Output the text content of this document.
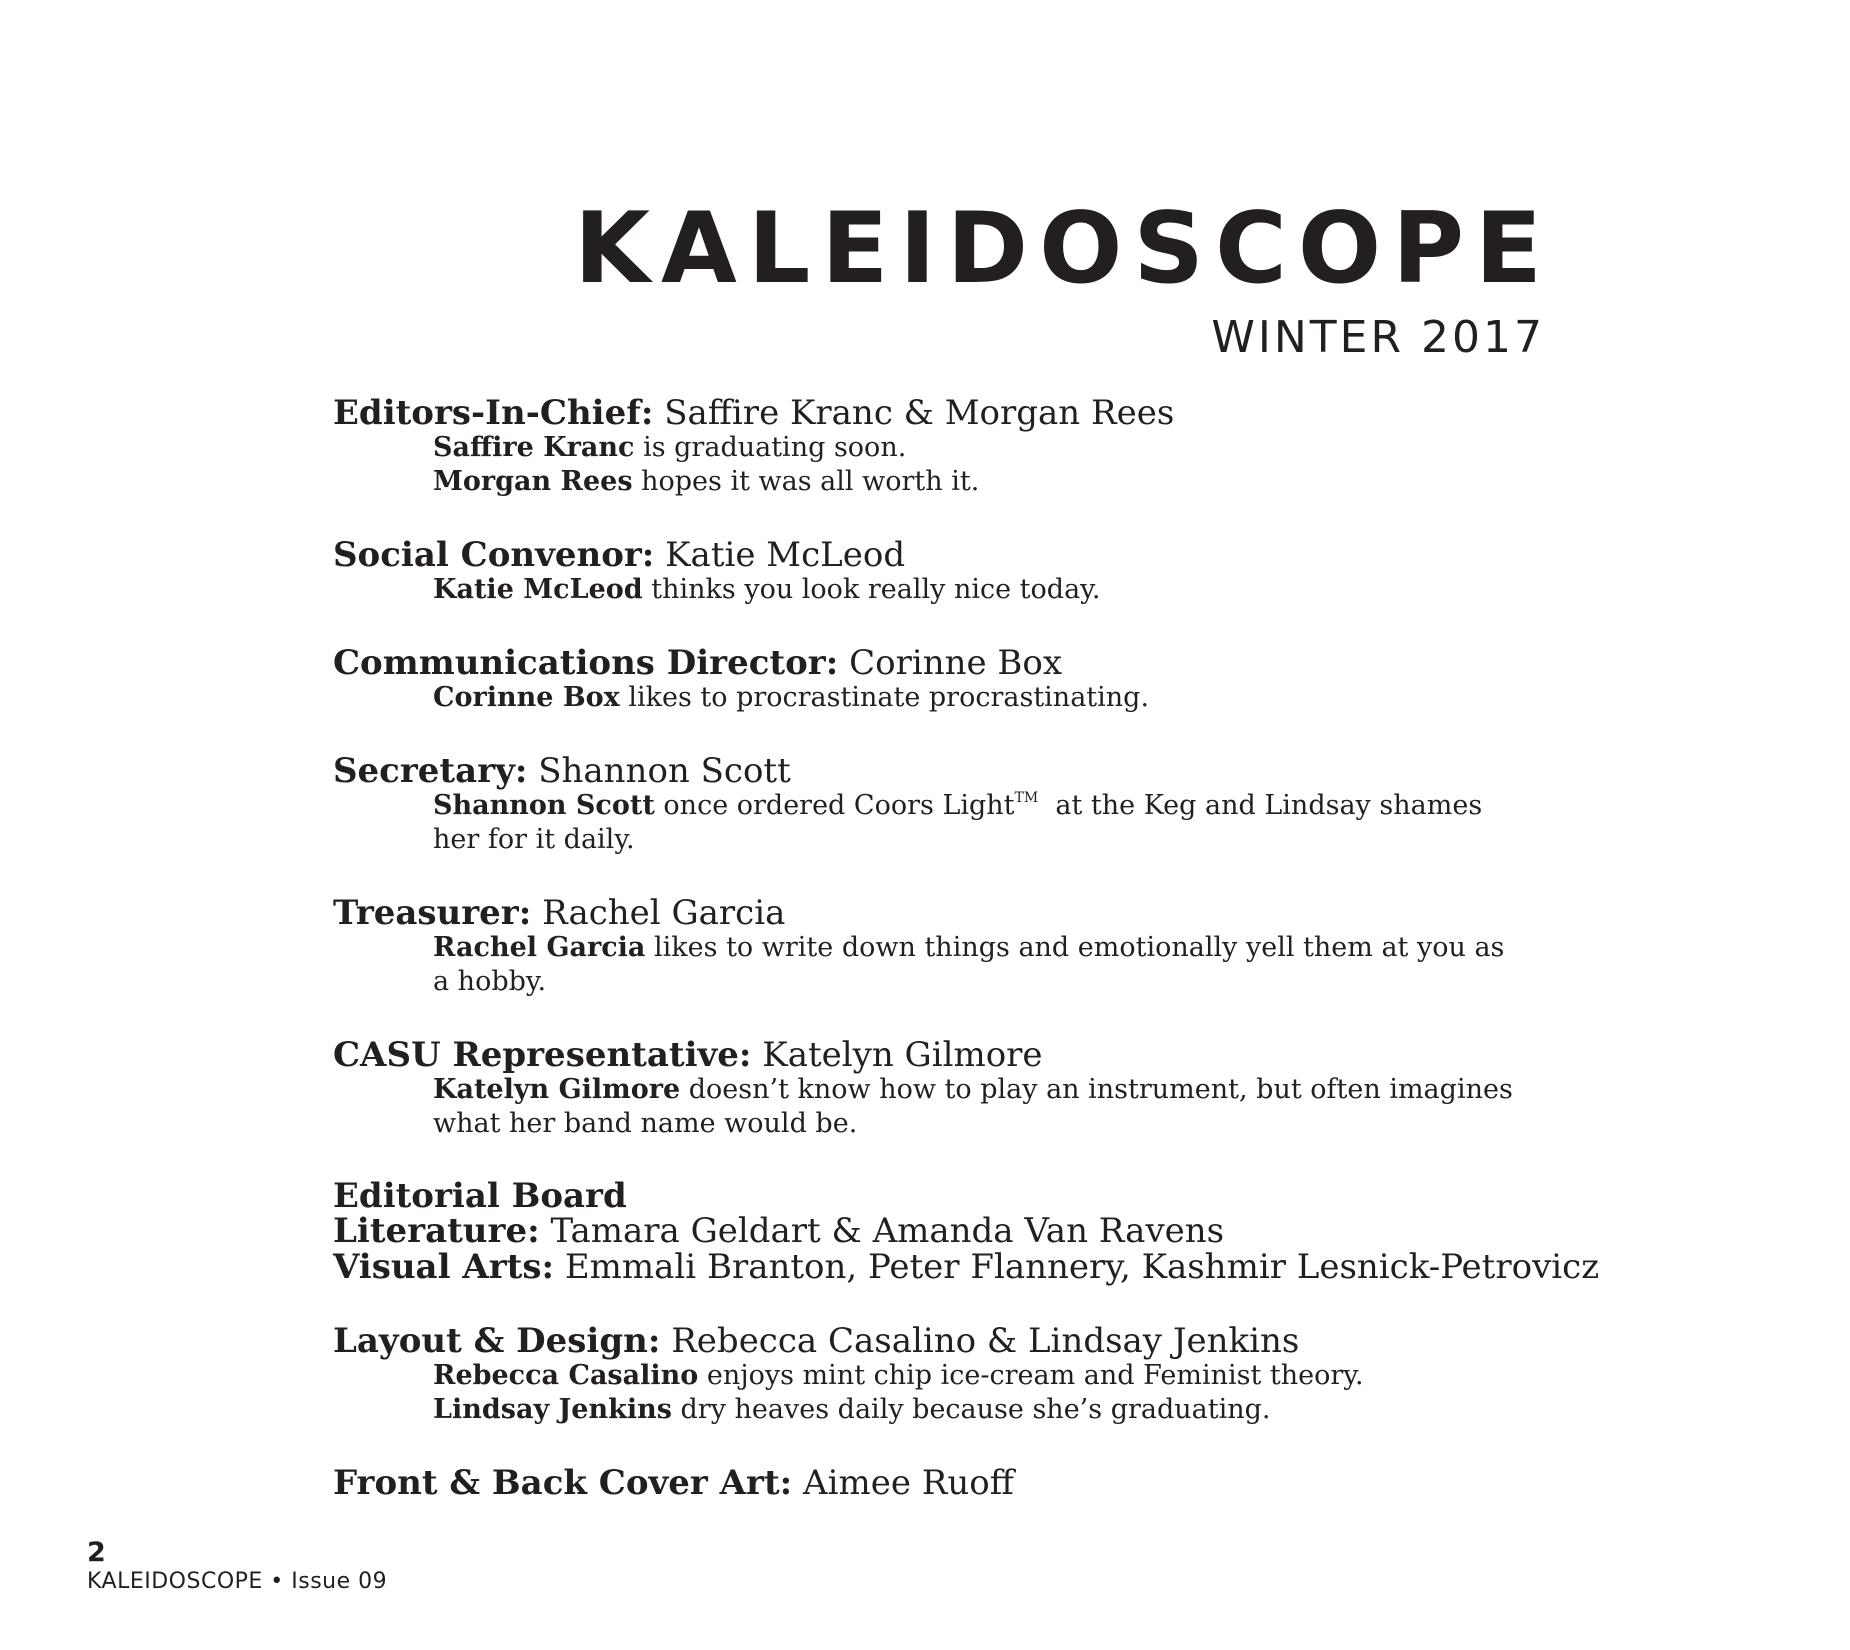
KALEIDOSCOPE
WINTER 2017
Editors-In-Chief: Saffire Kranc & Morgan Rees
Saffire Kranc is graduating soon.
Morgan Rees hopes it was all worth it.
Social Convenor: Katie McLeod
Katie McLeod thinks you look really nice today.
Communications Director: Corinne Box
Corinne Box likes to procrastinate procrastinating.
Secretary: Shannon Scott
Shannon Scott once ordered Coors Light™ at the Keg and Lindsay shames her for it daily.
Treasurer: Rachel Garcia
Rachel Garcia likes to write down things and emotionally yell them at you as a hobby.
CASU Representative: Katelyn Gilmore
Katelyn Gilmore doesn’t know how to play an instrument, but often imagines what her band name would be.
Editorial Board
Literature: Tamara Geldart & Amanda Van Ravens
Visual Arts: Emmali Branton, Peter Flannery, Kashmir Lesnick-Petrovicz
Layout & Design: Rebecca Casalino & Lindsay Jenkins
Rebecca Casalino enjoys mint chip ice-cream and Feminist theory.
Lindsay Jenkins dry heaves daily because she’s graduating.
Front & Back Cover Art: Aimee Ruoff
2
KALEIDOSCOPE • Issue 09
